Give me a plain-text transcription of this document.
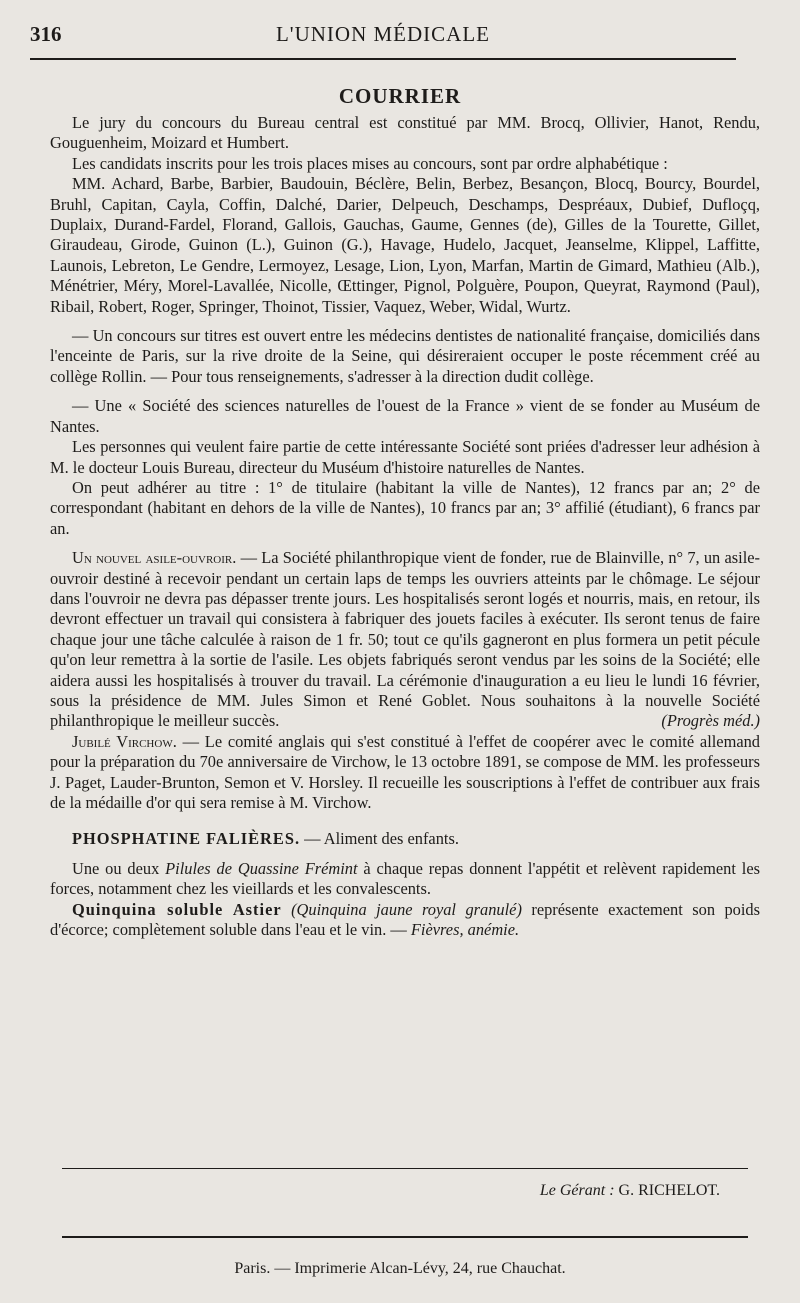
316	L'UNION MÉDICALE
COURRIER

Le jury du concours du Bureau central est constitué par MM. Brocq, Ollivier, Hanot, Rendu, Gouguenheim, Moizard et Humbert.

Les candidats inscrits pour les trois places mises au concours, sont par ordre alphabétique :

MM. Achard, Barbe, Barbier, Baudouin, Béclère, Belin, Berbez, Besançon, Blocq, Bourcy, Bourdel, Bruhl, Capitan, Cayla, Coffin, Dalché, Darier, Delpeuch, Deschamps, Despréaux, Dubief, Dufloçq, Duplaix, Durand-Fardel, Florand, Gallois, Gauchas, Gaume, Gennes (de), Gilles de la Tourette, Gillet, Giraudeau, Girode, Guinon (L.), Guinon (G.), Havage, Hudelo, Jacquet, Jeanselme, Klippel, Laffitte, Launois, Lebreton, Le Gendre, Lermoyez, Lesage, Lion, Lyon, Marfan, Martin de Gimard, Mathieu (Alb.), Ménétrier, Méry, Morel-Lavallée, Nicolle, Œttinger, Pignol, Polguère, Poupon, Queyrat, Raymond (Paul), Ribail, Robert, Roger, Springer, Thoinot, Tissier, Vaquez, Weber, Widal, Wurtz.

— Un concours sur titres est ouvert entre les médecins dentistes de nationalité française, domiciliés dans l'enceinte de Paris, sur la rive droite de la Seine, qui désireraient occuper le poste récemment créé au collège Rollin. — Pour tous renseignements, s'adresser à la direction dudit collège.

— Une « Société des sciences naturelles de l'ouest de la France » vient de se fonder au Muséum de Nantes.

Les personnes qui veulent faire partie de cette intéressante Société sont priées d'adresser leur adhésion à M. le docteur Louis Bureau, directeur du Muséum d'histoire naturelles de Nantes.

On peut adhérer au titre : 1° de titulaire (habitant la ville de Nantes), 12 francs par an; 2° de correspondant (habitant en dehors de la ville de Nantes), 10 francs par an; 3° affilié (étudiant), 6 francs par an.

Un nouvel asile-ouvroir. — La Société philanthropique vient de fonder, rue de Blainville, n° 7, un asile-ouvroir destiné à recevoir pendant un certain laps de temps les ouvriers atteints par le chômage. Le séjour dans l'ouvroir ne devra pas dépasser trente jours. Les hospitalisés seront logés et nourris, mais, en retour, ils devront effectuer un travail qui consistera à fabriquer des jouets faciles à exécuter. Ils seront tenus de faire chaque jour une tâche calculée à raison de 1 fr. 50; tout ce qu'ils gagneront en plus formera un petit pécule qu'on leur remettra à la sortie de l'asile. Les objets fabriqués seront vendus par les soins de la Société; elle aidera aussi les hospitalisés à trouver du travail. La cérémonie d'inauguration a eu lieu le lundi 16 février, sous la présidence de MM. Jules Simon et René Goblet. Nous souhaitons à la nouvelle Société philanthropique le meilleur succès.	(Progrès méd.)

Jubilé Virchow. — Le comité anglais qui s'est constitué à l'effet de coopérer avec le comité allemand pour la préparation du 70e anniversaire de Virchow, le 13 octobre 1891, se compose de MM. les professeurs J. Paget, Lauder-Brunton, Semon et V. Horsley. Il recueille les souscriptions à l'effet de contribuer aux frais de la médaille d'or qui sera remise à M. Virchow.

PHOSPHATINE FALIÈRES. — Aliment des enfants.

Une ou deux Pilules de Quassine Frémint à chaque repas donnent l'appétit et relèvent rapidement les forces, notamment chez les vieillards et les convalescents.

Quinquina soluble Astier (Quinquina jaune royal granulé) représente exactement son poids d'écorce; complètement soluble dans l'eau et le vin. — Fièvres, anémie.

Le Gérant : G. RICHELOT.
Paris. — Imprimerie Alcan-Lévy, 24, rue Chauchat.
